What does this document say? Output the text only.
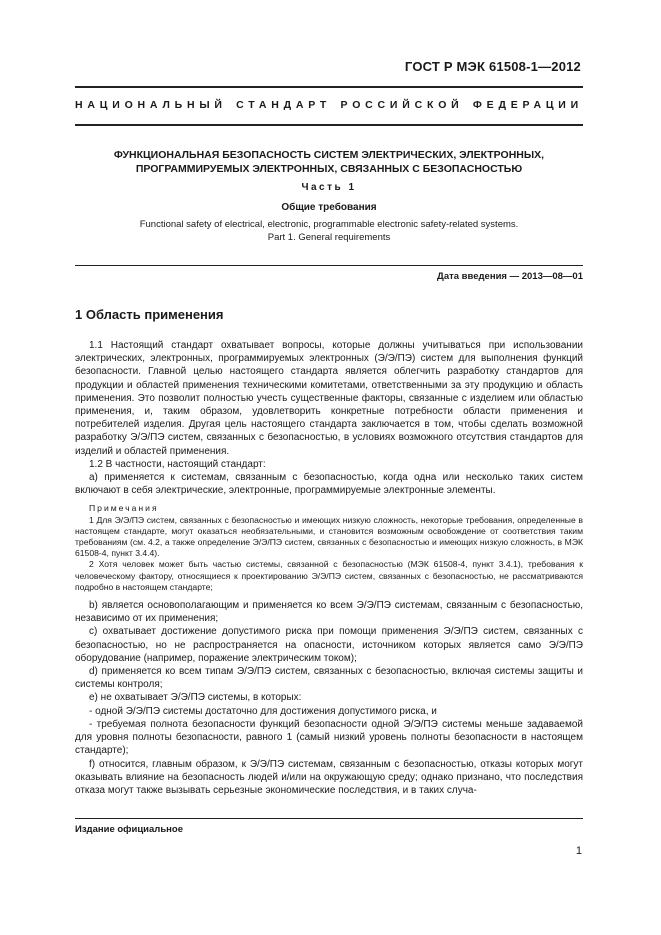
ГОСТ Р МЭК 61508-1—2012
НАЦИОНАЛЬНЫЙ СТАНДАРТ РОССИЙСКОЙ ФЕДЕРАЦИИ
ФУНКЦИОНАЛЬНАЯ БЕЗОПАСНОСТЬ СИСТЕМ ЭЛЕКТРИЧЕСКИХ, ЭЛЕКТРОННЫХ,
ПРОГРАММИРУЕМЫХ ЭЛЕКТРОННЫХ, СВЯЗАННЫХ С БЕЗОПАСНОСТЬЮ
Часть 1
Общие требования
Functional safety of electrical, electronic, programmable electronic safety-related systems.
Part 1. General requirements
Дата введения — 2013—08—01
1 Область применения

1.1 Настоящий стандарт охватывает вопросы, которые должны учитываться при использовании электрических, электронных, программируемых электронных (Э/Э/ПЭ) систем для выполнения функций безопасности. Главной целью настоящего стандарта является облегчить разработку стандартов для продукции и областей применения техническими комитетами, ответственными за эту продукцию и область применения. Это позволит полностью учесть существенные факторы, связанные с изделием или областью применения, и, таким образом, удовлетворить конкретные потребности области применения и потребителей изделия. Другая цель настоящего стандарта заключается в том, чтобы сделать возможной разработку Э/Э/ПЭ систем, связанных с безопасностью, в условиях возможного отсутствия стандартов для изделий и областей применения.

1.2 В частности, настоящий стандарт:

а) применяется к системам, связанным с безопасностью, когда одна или несколько таких систем включают в себя электрические, электронные, программируемые электронные элементы.

Примечания

1 Для Э/Э/ПЭ систем, связанных с безопасностью и имеющих низкую сложность, некоторые требования, определенные в настоящем стандарте, могут оказаться необязательными, и становится возможным освобождение от соответствия таким требованиям (см. 4.2, а также определение Э/Э/ПЭ систем, связанных с безопасностью и имеющих низкую сложность, в МЭК 61508-4, пункт 3.4.4).

2 Хотя человек может быть частью системы, связанной с безопасностью (МЭК 61508-4, пункт 3.4.1), требования к человеческому фактору, относящиеся к проектированию Э/Э/ПЭ систем, связанных с безопасностью, не рассматриваются подробно в настоящем стандарте;

b) является основополагающим и применяется ко всем Э/Э/ПЭ системам, связанным с безопасностью, независимо от их применения;

с) охватывает достижение допустимого риска при помощи применения Э/Э/ПЭ систем, связанных с безопасностью, но не распространяется на опасности, источником которых является само Э/Э/ПЭ оборудование (например, поражение электрическим током);

d) применяется ко всем типам Э/Э/ПЭ систем, связанных с безопасностью, включая системы защиты и системы контроля;

е) не охватывает Э/Э/ПЭ системы, в которых:

- одной Э/Э/ПЭ системы достаточно для достижения допустимого риска, и

- требуемая полнота безопасности функций безопасности одной Э/Э/ПЭ системы меньше задаваемой для уровня полноты безопасности, равного 1 (самый низкий уровень полноты безопасности в настоящем стандарте);

f) относится, главным образом, к Э/Э/ПЭ системам, связанным с безопасностью, отказы которых могут оказывать влияние на безопасность людей и/или на окружающую среду; однако признано, что последствия отказа могут также вызывать серьезные экономические последствия, и в таких случа-

Издание официальное
1
